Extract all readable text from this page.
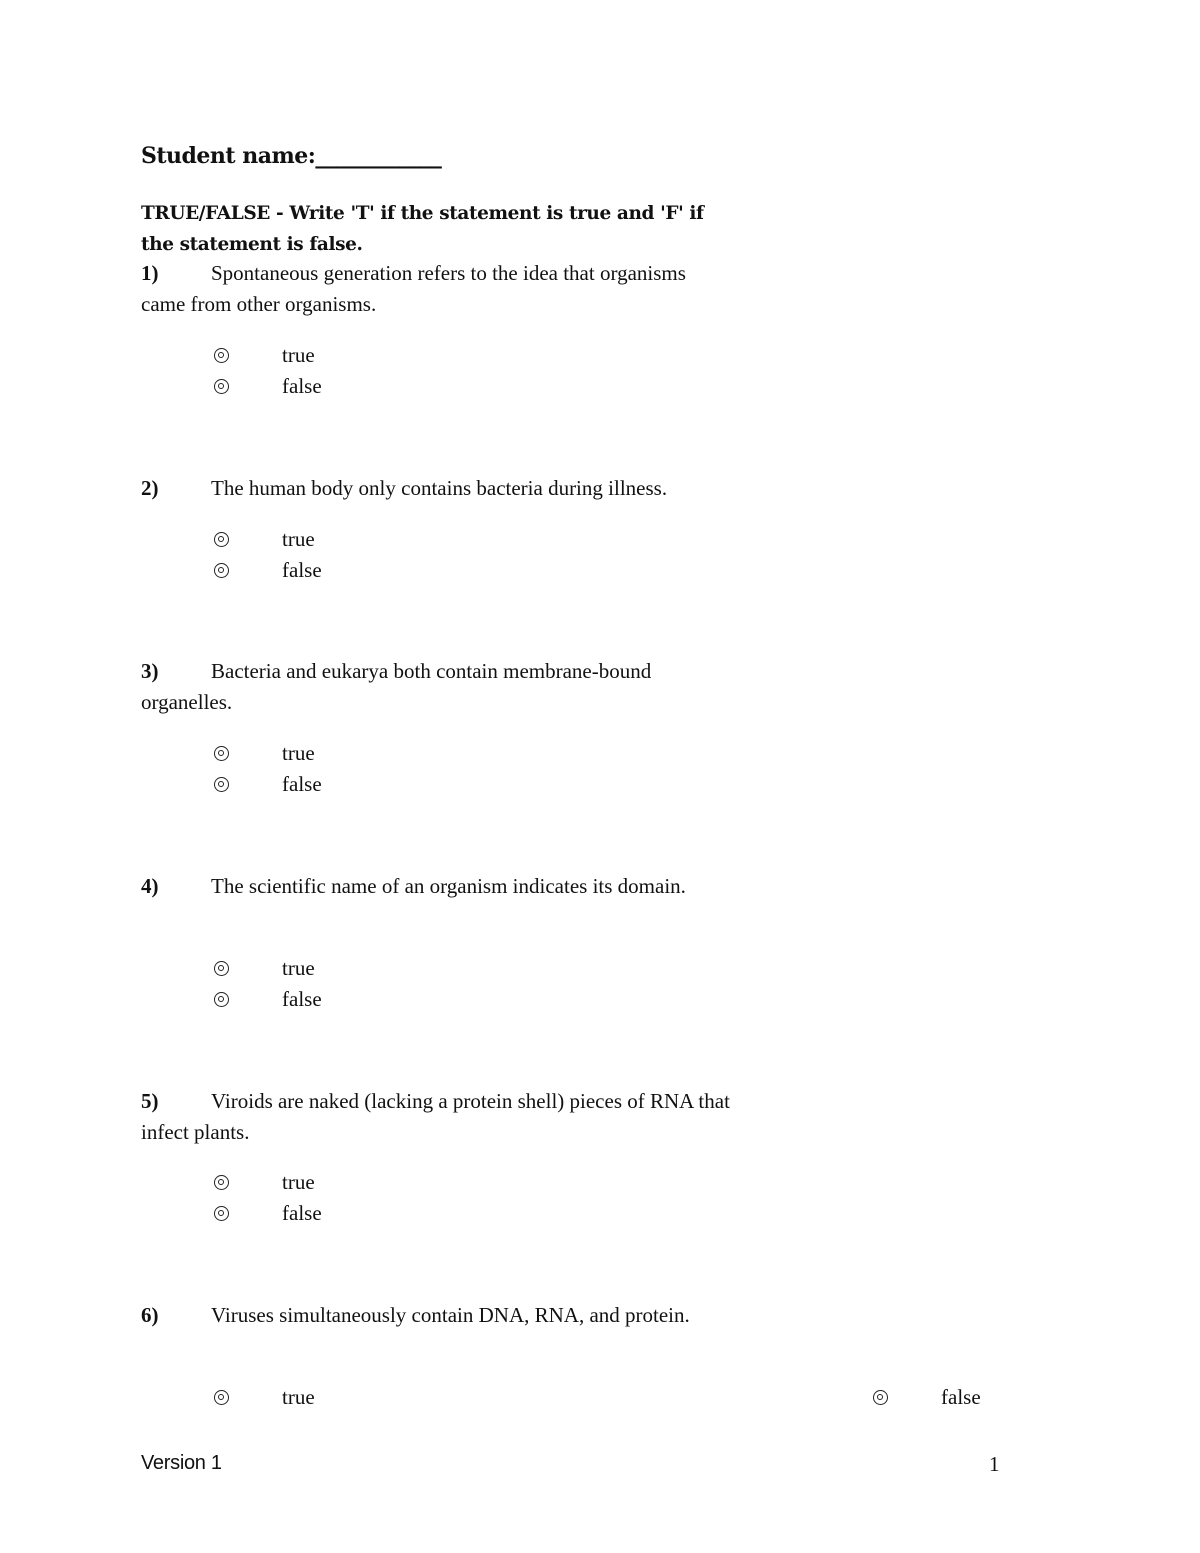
Student name:____________
TRUE/FALSE - Write 'T' if the statement is true and 'F' if the statement is false.
1)	Spontaneous generation refers to the idea that organisms came from other organisms.
true
false
2)	The human body only contains bacteria during illness.
true
false
3)	Bacteria and eukarya both contain membrane-bound organelles.
true
false
4)	The scientific name of an organism indicates its domain.
true
false
5)	Viroids are naked (lacking a protein shell) pieces of RNA that infect plants.
true
false
6)	Viruses simultaneously contain DNA, RNA, and protein.
true	false
Version 1	1
